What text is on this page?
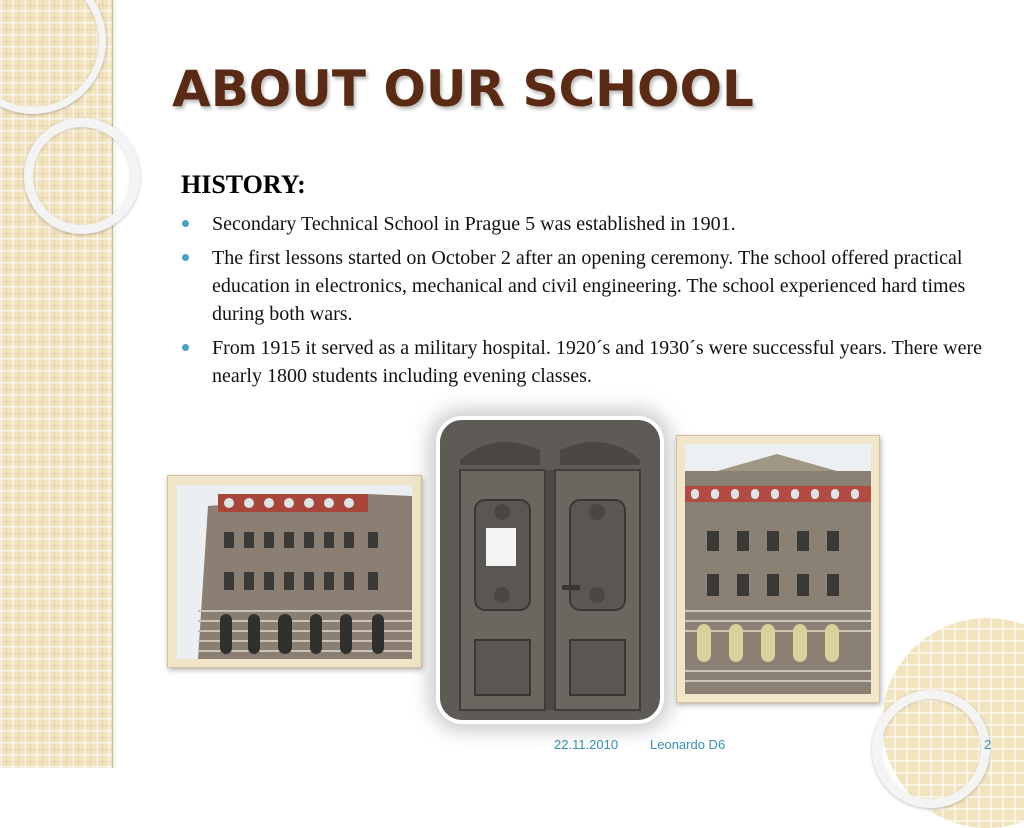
ABOUT OUR SCHOOL

HISTORY:

Secondary Technical School in Prague 5 was established in 1901.
The first lessons started on October 2 after an opening ceremony. The school offered practical education in electronics, mechanical and civil engineering. The school experienced hard times during both wars.
From 1915 it served as a military hospital. 1920´s and 1930´s were successful years. There were nearly 1800 students including evening classes.
22.11.2010 Leonardo D6	2
